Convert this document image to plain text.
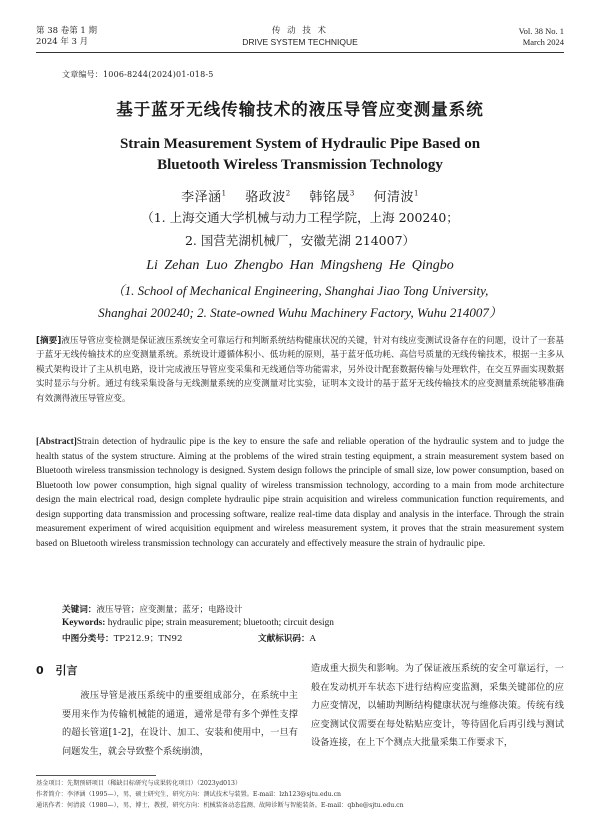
第 38 卷第 1 期
2024 年 3 月
传 动 技 术
DRIVE SYSTEM TECHNIQUE
Vol. 38 No. 1
March 2024
文章编号：1006-8244(2024)01-018-5
基于蓝牙无线传输技术的液压导管应变测量系统
Strain Measurement System of Hydraulic Pipe Based on
Bluetooth Wireless Transmission Technology
李泽涵$^1$ 骆政波$^2$ 韩铭晟$^3$ 何清波$^1$
（1. 上海交通大学机械与动力工程学院，上海 200240；
2. 国营芜湖机械厂，安徽芜湖 214007）
Li Zehan Luo Zhengbo Han Mingsheng He Qingbo
（1. School of Mechanical Engineering, Shanghai Jiao Tong University,
Shanghai 200240; 2. State-owned Wuhu Machinery Factory, Wuhu 214007）
[摘要]液压导管应变检测是保证液压系统安全可靠运行和判断系统结构健康状况的关键，针对有线应变测试设备存在的问题，设计了一套基于蓝牙无线传输技术的应变测量系统。系统设计遵循体积小、低功耗的原则，基于蓝牙低功耗、高信号质量的无线传输技术，根据一主多从模式架构设计了主从机电路，设计完成液压导管应变采集和无线通信等功能需求，另外设计配套数据传输与处理软件，在交互界面实现数据实时显示与分析。通过有线采集设备与无线测量系统的应变测量对比实验，证明本文设计的基于蓝牙无线传输技术的应变测量系统能够准确有效测得液压导管应变。
[Abstract]Strain detection of hydraulic pipe is the key to ensure the safe and reliable operation of the hydraulic system and to judge the health status of the system structure. Aiming at the problems of the wired strain testing equipment, a strain measurement system based on Bluetooth wireless transmission technology is designed. System design follows the principle of small size, low power consumption, based on Bluetooth low power consumption, high signal quality of wireless transmission technology, according to a main from mode architecture design the main electrical road, design complete hydraulic pipe strain acquisition and wireless communication function requirements, and design supporting data transmission and processing software, realize real-time data display and analysis in the interface. Through the strain measurement experiment of wired acquisition equipment and wireless measurement system, it proves that the strain measurement system based on Bluetooth wireless transmission technology can accurately and effectively measure the strain of hydraulic pipe.
关键词：液压导管；应变测量；蓝牙；电路设计
Keywords: hydraulic pipe; strain measurement; bluetooth; circuit design
中图分类号：TP212.9；TN92	文献标识码：A
0 引言
液压导管是液压系统中的重要组成部分，在系统中主要用来作为传输机械能的通道，通常是带有多个弹性支撑的超长管道[1-2]，在设计、加工、安装和使用中，一旦有问题发生，就会导致整个系统崩溃，
造成重大损失和影响。为了保证液压系统的安全可靠运行，一般在发动机开车状态下进行结构应变监测，采集关键部位的应力应变情况，以辅助判断结构健康状况与维修决策。传统有线应变测试仪需要在每处粘贴应变计，等待固化后再引线与测试设备连接，在上下个测点大批量采集工作要求下，
基金项目：先期预研项目（稀缺目标研究与成果转化项目）（2023yd013）
作者简介：李泽涵（1995—），男，硕士研究生，研究方向：测试技术与装置。E-mail：lzh123@sjtu.edu.cn
通讯作者：何清波（1980—），男，博士，教授，研究方向：机械装备动态监测、故障诊断与智能装备。E-mail：qbhe@sjtu.edu.cn
